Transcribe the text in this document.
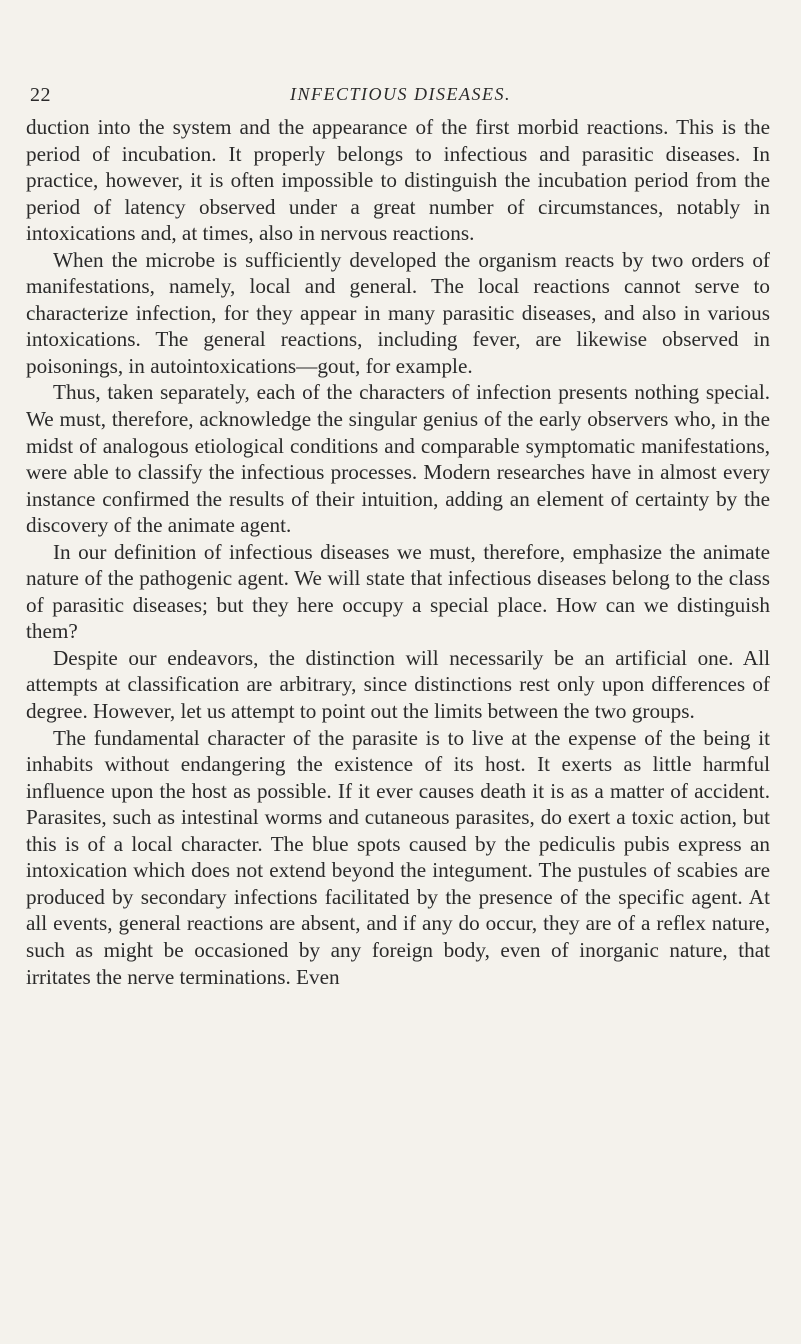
22	INFECTIOUS DISEASES.

duction into the system and the appearance of the first morbid reactions. This is the period of incubation. It properly belongs to infectious and parasitic diseases. In practice, however, it is often impossible to distinguish the incubation period from the period of latency observed under a great number of circumstances, notably in intoxications and, at times, also in nervous reactions.

When the microbe is sufficiently developed the organism reacts by two orders of manifestations, namely, local and general. The local reactions cannot serve to characterize infection, for they appear in many parasitic diseases, and also in various intoxications. The general reactions, including fever, are likewise observed in poisonings, in autointoxications—gout, for example.

Thus, taken separately, each of the characters of infection presents nothing special. We must, therefore, acknowledge the singular genius of the early observers who, in the midst of analogous etiological conditions and comparable symptomatic manifestations, were able to classify the infectious processes. Modern researches have in almost every instance confirmed the results of their intuition, adding an element of certainty by the discovery of the animate agent.

In our definition of infectious diseases we must, therefore, emphasize the animate nature of the pathogenic agent. We will state that infectious diseases belong to the class of parasitic diseases; but they here occupy a special place. How can we distinguish them?

Despite our endeavors, the distinction will necessarily be an artificial one. All attempts at classification are arbitrary, since distinctions rest only upon differences of degree. However, let us attempt to point out the limits between the two groups.

The fundamental character of the parasite is to live at the expense of the being it inhabits without endangering the existence of its host. It exerts as little harmful influence upon the host as possible. If it ever causes death it is as a matter of accident. Parasites, such as intestinal worms and cutaneous parasites, do exert a toxic action, but this is of a local character. The blue spots caused by the pediculis pubis express an intoxication which does not extend beyond the integument. The pustules of scabies are produced by secondary infections facilitated by the presence of the specific agent. At all events, general reactions are absent, and if any do occur, they are of a reflex nature, such as might be occasioned by any foreign body, even of inorganic nature, that irritates the nerve terminations. Even
